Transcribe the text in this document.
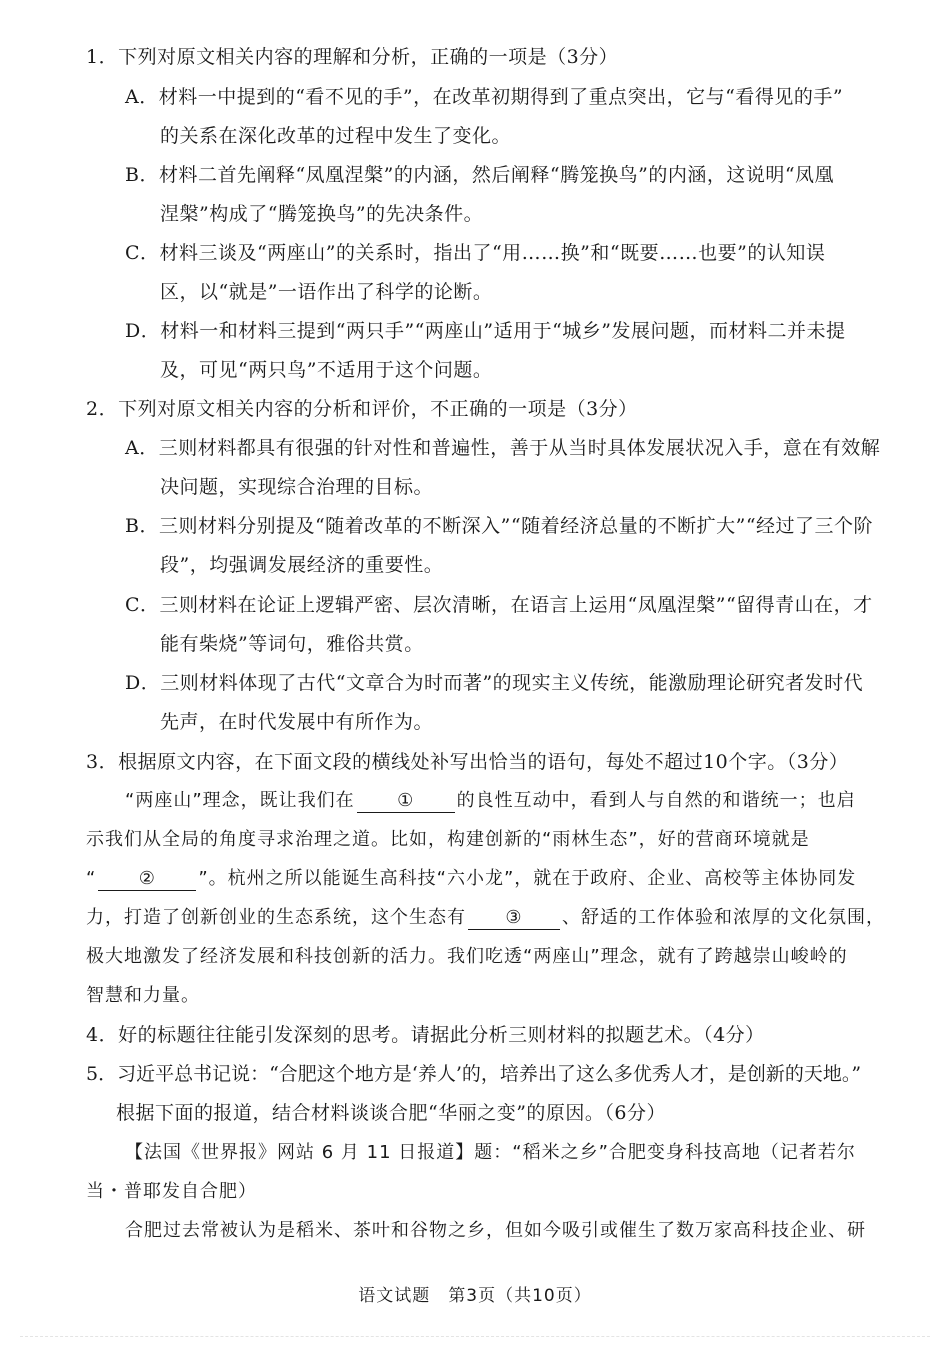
1．下列对原文相关内容的理解和分析，正确的一项是（3分）
A．材料一中提到的“看不见的手”，在改革初期得到了重点突出，它与“看得见的手”
的关系在深化改革的过程中发生了变化。
B．材料二首先阐释“凤凰涅槃”的内涵，然后阐释“腾笼换鸟”的内涵，这说明“凤凰
涅槃”构成了“腾笼换鸟”的先决条件。
C．材料三谈及“两座山”的关系时，指出了“用……换”和“既要……也要”的认知误
区，以“就是”一语作出了科学的论断。
D．材料一和材料三提到“两只手”“两座山”适用于“城乡”发展问题，而材料二并未提
及，可见“两只鸟”不适用于这个问题。
2．下列对原文相关内容的分析和评价，不正确的一项是（3分）
A．三则材料都具有很强的针对性和普遍性，善于从当时具体发展状况入手，意在有效解
决问题，实现综合治理的目标。
B．三则材料分别提及“随着改革的不断深入”“随着经济总量的不断扩大”“经过了三个阶
段”，均强调发展经济的重要性。
C．三则材料在论证上逻辑严密、层次清晰，在语言上运用“凤凰涅槃”“留得青山在，才
能有柴烧”等词句，雅俗共赏。
D．三则材料体现了古代“文章合为时而著”的现实主义传统，能激励理论研究者发时代
先声，在时代发展中有所作为。
3．根据原文内容，在下面文段的横线处补写出恰当的语句，每处不超过10个字。（3分）
“两座山”理念，既让我们在 ① 的良性互动中，看到人与自然的和谐统一；也启
示我们从全局的角度寻求治理之道。比如，构建创新的“雨林生态”，好的营商环境就是
“ ② ”。杭州之所以能诞生高科技“六小龙”，就在于政府、企业、高校等主体协同发
力，打造了创新创业的生态系统，这个生态有 ③ 、舒适的工作体验和浓厚的文化氛围，
极大地激发了经济发展和科技创新的活力。我们吃透“两座山”理念，就有了跨越崇山峻岭的
智慧和力量。
4．好的标题往往能引发深刻的思考。请据此分析三则材料的拟题艺术。（4分）
5．习近平总书记说：“合肥这个地方是‘养人’的，培养出了这么多优秀人才，是创新的天地。”
根据下面的报道，结合材料谈谈合肥“华丽之变”的原因。（6分）
【法国《世界报》网站 6 月 11 日报道】题：“稻米之乡”合肥变身科技高地（记者若尔
当・普耶发自合肥）
合肥过去常被认为是稻米、茶叶和谷物之乡，但如今吸引或催生了数万家高科技企业、研
语文试题　第3页（共10页）
